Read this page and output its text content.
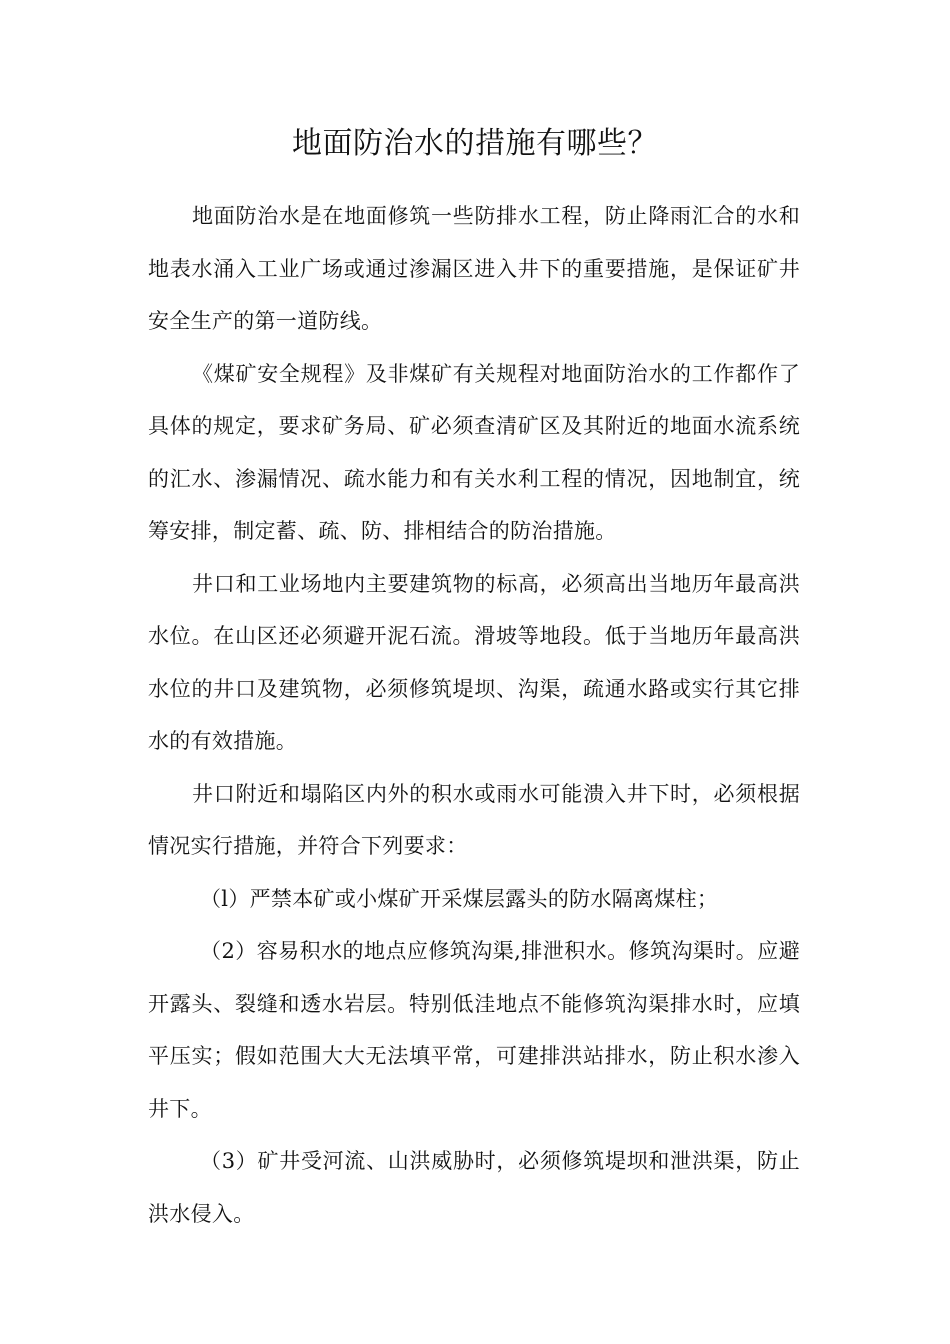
地面防治水的措施有哪些？

地面防治水是在地面修筑一些防排水工程，防止降雨汇合的水和地表水涌入工业广场或通过渗漏区进入井下的重要措施，是保证矿井安全生产的第一道防线。

《煤矿安全规程》及非煤矿有关规程对地面防治水的工作都作了具体的规定，要求矿务局、矿必须查清矿区及其附近的地面水流系统的汇水、渗漏情况、疏水能力和有关水利工程的情况，因地制宜，统筹安排，制定蓄、疏、防、排相结合的防治措施。

井口和工业场地内主要建筑物的标高，必须高出当地历年最高洪水位。在山区还必须避开泥石流。滑坡等地段。低于当地历年最高洪水位的井口及建筑物，必须修筑堤坝、沟渠，疏通水路或实行其它排水的有效措施。

井口附近和塌陷区内外的积水或雨水可能溃入井下时，必须根据情况实行措施，并符合下列要求：

（l）严禁本矿或小煤矿开采煤层露头的防水隔离煤柱；

（2）容易积水的地点应修筑沟渠,排泄积水。修筑沟渠时。应避开露头、裂缝和透水岩层。特别低洼地点不能修筑沟渠排水时，应填平压实；假如范围大大无法填平常，可建排洪站排水，防止积水渗入井下。

（3）矿井受河流、山洪威胁时，必须修筑堤坝和泄洪渠，防止洪水侵入。
